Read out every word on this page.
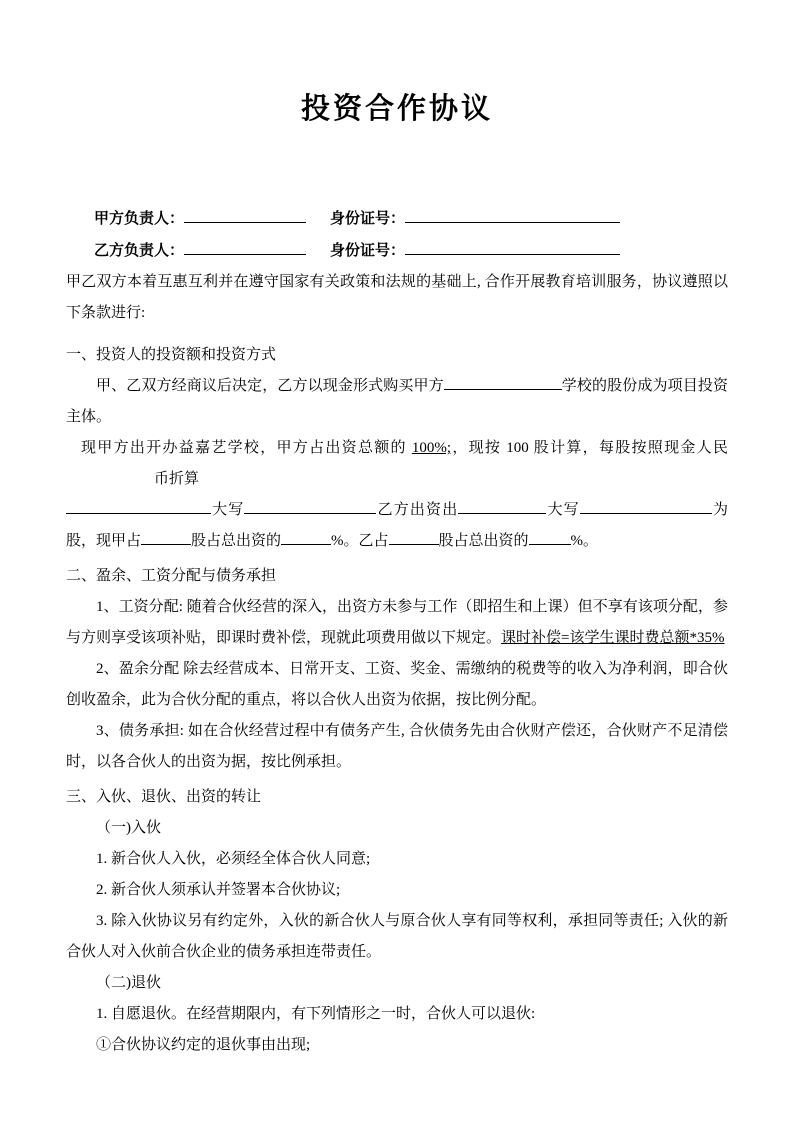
投资合作协议
甲方负责人：	身份证号：
乙方负责人：	身份证号：
甲乙双方本着互惠互利并在遵守国家有关政策和法规的基础上, 合作开展教育培训服务，协议遵照以下条款进行:
一、投资人的投资额和投资方式
甲、乙双方经商议后决定，乙方以现金形式购买甲方	学校的股份成为项目投资主体。
现甲方出开办益嘉艺学校，甲方占出资总额的 100%;，现按 100 股计算，每股按照现金人民
币折算
大写	乙方出资出	大写	为
股，现甲占	股占总出资的	%。乙占	股占总出资的	%。
二、盈余、工资分配与债务承担
1、工资分配: 随着合伙经营的深入，出资方未参与工作（即招生和上课）但不享有该项分配，参与方则享受该项补贴，即课时费补偿，现就此项费用做以下规定。课时补偿=该学生课时费总额*35%
2、盈余分配 除去经营成本、日常开支、工资、奖金、需缴纳的税费等的收入为净利润，即合伙创收盈余，此为合伙分配的重点，将以合伙人出资为依据，按比例分配。
3、债务承担: 如在合伙经营过程中有债务产生, 合伙债务先由合伙财产偿还，合伙财产不足清偿时，以各合伙人的出资为据，按比例承担。
三、入伙、退伙、出资的转让
（一)入伙
1. 新合伙人入伙，必须经全体合伙人同意;
2. 新合伙人须承认并签署本合伙协议;
3. 除入伙协议另有约定外，入伙的新合伙人与原合伙人享有同等权利，承担同等责任; 入伙的新合伙人对入伙前合伙企业的债务承担连带责任。
（二)退伙
1. 自愿退伙。在经营期限内，有下列情形之一时，合伙人可以退伙:
①合伙协议约定的退伙事由出现;
